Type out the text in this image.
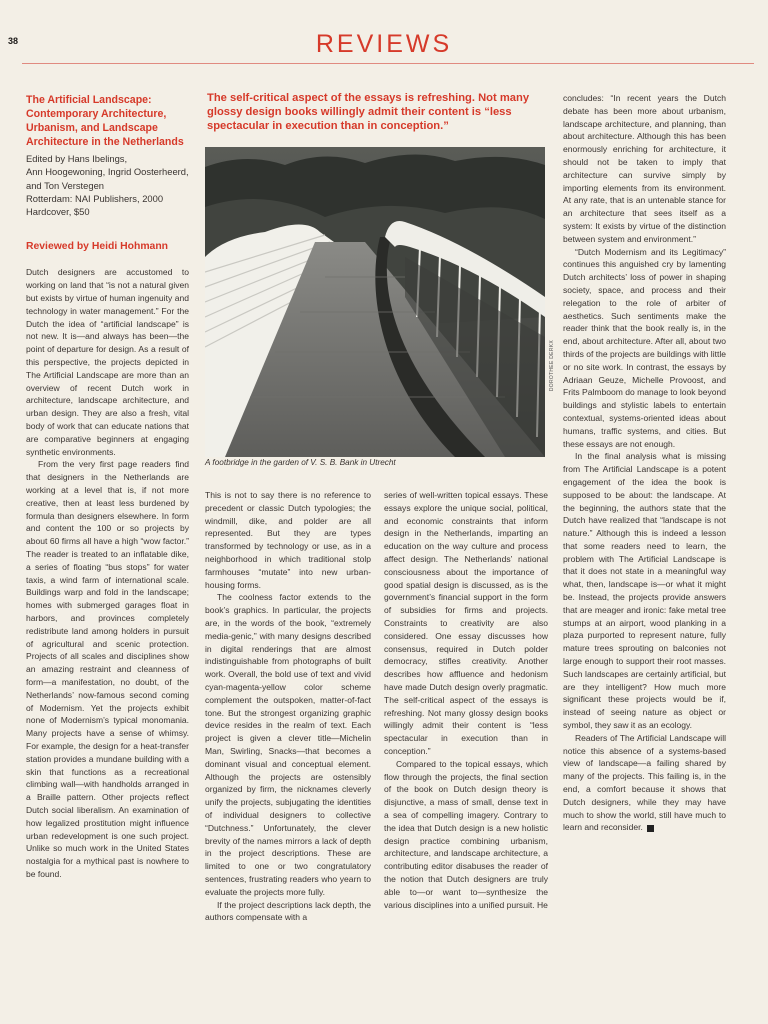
38	REVIEWS
The Artificial Landscape: Contemporary Architecture, Urbanism, and Landscape Architecture in the Netherlands
Edited by Hans Ibelings,
Ann Hoogewoning, Ingrid Oosterheerd,
and Ton Verstegen
Rotterdam: NAI Publishers, 2000
Hardcover, $50
Reviewed by Heidi Hohmann

Dutch designers are accustomed to working on land that “is not a natural given but exists by virtue of human ingenuity and technology in water management.” For the Dutch the idea of “artificial landscape” is not new. It is—and always has been—the point of departure for design. As a result of this perspective, the projects depicted in The Artificial Landscape are more than an overview of recent Dutch work in architecture, landscape architecture, and urban design. They are also a fresh, vital body of work that can educate nations that are comparative beginners at engaging synthetic environments.

From the very first page readers find that designers in the Netherlands are working at a level that is, if not more creative, then at least less burdened by formula than designers elsewhere. In form and content the 100 or so projects by about 60 firms all have a high “wow factor.” The reader is treated to an inflatable dike, a series of floating “bus stops” for water taxis, a wind farm of international scale. Buildings warp and fold in the landscape; homes with submerged garages float in harbors, and provinces completely redistribute land among holders in pursuit of agricultural and scenic protection. Projects of all scales and disciplines show an amazing restraint and cleanness of form—a manifestation, no doubt, of the Netherlands’ now-famous second coming of Modernism. Yet the projects exhibit none of Modernism’s typical monomania. Many projects have a sense of whimsy. For example, the design for a heat-transfer station provides a mundane building with a skin that functions as a recreational climbing wall—with handholds arranged in a Braille pattern. Other projects reflect Dutch social liberalism. An examination of how legalized prostitution might influence urban redevelopment is one such project. Unlike so much work in the United States nostalgia for a mythical past is nowhere to be found.

The self-critical aspect of the essays is refreshing. Not many glossy design books willingly admit their content is “less spectacular in execution than in conception.”
DOROTHEE DERKX
A footbridge in the garden of V. S. B. Bank in Utrecht

This is not to say there is no reference to precedent or classic Dutch typologies; the windmill, dike, and polder are all represented. But they are types transformed by technology or use, as in a neighborhood in which traditional stolp farmhouses “mutate” into new urban-housing forms.

The coolness factor extends to the book’s graphics. In particular, the projects are, in the words of the book, “extremely media-genic,” with many designs described in digital renderings that are almost indistinguishable from photographs of built work. Overall, the bold use of text and vivid cyan-magenta-yellow color scheme complement the outspoken, matter-of-fact tone. But the strongest organizing graphic device resides in the realm of text. Each project is given a clever title—Michelin Man, Swirling, Snacks—that becomes a dominant visual and conceptual element. Although the projects are ostensibly organized by firm, the nicknames cleverly unify the projects, subjugating the identities of individual designers to collective “Dutchness.” Unfortunately, the clever brevity of the names mirrors a lack of depth in the project descriptions. These are limited to one or two congratulatory sentences, frustrating readers who yearn to evaluate the projects more fully.

If the project descriptions lack depth, the authors compensate with a

series of well-written topical essays. These essays explore the unique social, political, and economic constraints that inform design in the Netherlands, imparting an education on the way culture and process affect design. The Netherlands’ national consciousness about the importance of good spatial design is discussed, as is the government’s financial support in the form of subsidies for firms and projects. Constraints to creativity are also considered. One essay discusses how consensus, required in Dutch polder democracy, stifles creativity. Another describes how affluence and hedonism have made Dutch design overly pragmatic. The self-critical aspect of the essays is refreshing. Not many glossy design books willingly admit their content is “less spectacular in execution than in conception.”

Compared to the topical essays, which flow through the projects, the final section of the book on Dutch design theory is disjunctive, a mass of small, dense text in a sea of compelling imagery. Contrary to the idea that Dutch design is a new holistic design practice combining urbanism, architecture, and landscape architecture, a contributing editor disabuses the reader of the notion that Dutch designers are truly able to—or want to—synthesize the various disciplines into a unified pursuit. He

concludes: “In recent years the Dutch debate has been more about urbanism, landscape architecture, and planning, than about architecture. Although this has been enormously enriching for architecture, it should not be taken to imply that architecture can survive simply by importing elements from its environment. At any rate, that is an untenable stance for an architecture that sees itself as a system: It exists by virtue of the distinction between system and environment.”

“Dutch Modernism and its Legitimacy” continues this anguished cry by lamenting Dutch architects’ loss of power in shaping society, space, and process and their relegation to the role of arbiter of aesthetics. Such sentiments make the reader think that the book really is, in the end, about architecture. After all, about two thirds of the projects are buildings with little or no site work. In contrast, the essays by Adriaan Geuze, Michelle Provoost, and Frits Palmboom do manage to look beyond buildings and stylistic labels to entertain contextual, systems-oriented ideas about humans, traffic systems, and cities. But these essays are not enough.

In the final analysis what is missing from The Artificial Landscape is a potent engagement of the idea the book is supposed to be about: the landscape. At the beginning, the authors state that the Dutch have realized that “landscape is not nature.” Although this is indeed a lesson that some readers need to learn, the problem with The Artificial Landscape is that it does not state in a meaningful way what, then, landscape is—or what it might be. Instead, the projects provide answers that are meager and ironic: fake metal tree stumps at an airport, wood planking in a plaza purported to represent nature, fully mature trees sprouting on balconies not large enough to support their root masses. Such landscapes are certainly artificial, but are they intelligent? How much more significant these projects would be if, instead of seeing nature as object or symbol, they saw it as an ecology.

Readers of The Artificial Landscape will notice this absence of a systems-based view of landscape—a failing shared by many of the projects. This failing is, in the end, a comfort because it shows that Dutch designers, while they may have much to show the world, still have much to learn and reconsider.
